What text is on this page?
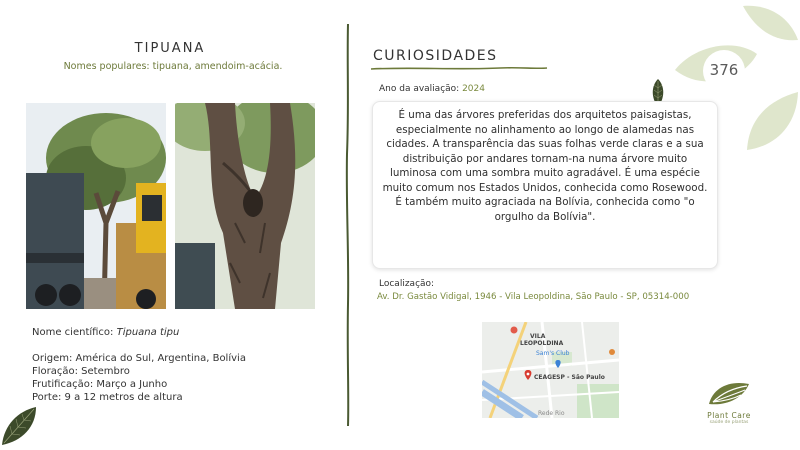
376
TIPUANA
Nomes populares: tipuana, amendoim-acácia.
Nome científico: Tipuana tipu
Origem: América do Sul, Argentina, Bolívia
Floração: Setembro
Frutificação: Março a Junho
Porte: 9 a 12 metros de altura
CURIOSIDADES
Ano da avaliação: 2024
É uma das árvores preferidas dos arquitetos paisagistas, especialmente no alinhamento ao longo de alamedas nas cidades. A transparência das suas folhas verde claras e a sua distribuição por andares tornam-na numa árvore muito luminosa com uma sombra muito agradável. É uma espécie muito comum nos Estados Unidos, conhecida como Rosewood. É também muito agraciada na Bolívia, conhecida como "o orgulho da Bolívia".
Localização:
Av. Dr. Gastão Vidigal, 1946 - Vila Leopoldina, São Paulo - SP, 05314-000
VILA
LEOPOLDINA
Sam's Club
CEAGESP - São Paulo
Rede Rio	Plant Care
saúde de plantas
